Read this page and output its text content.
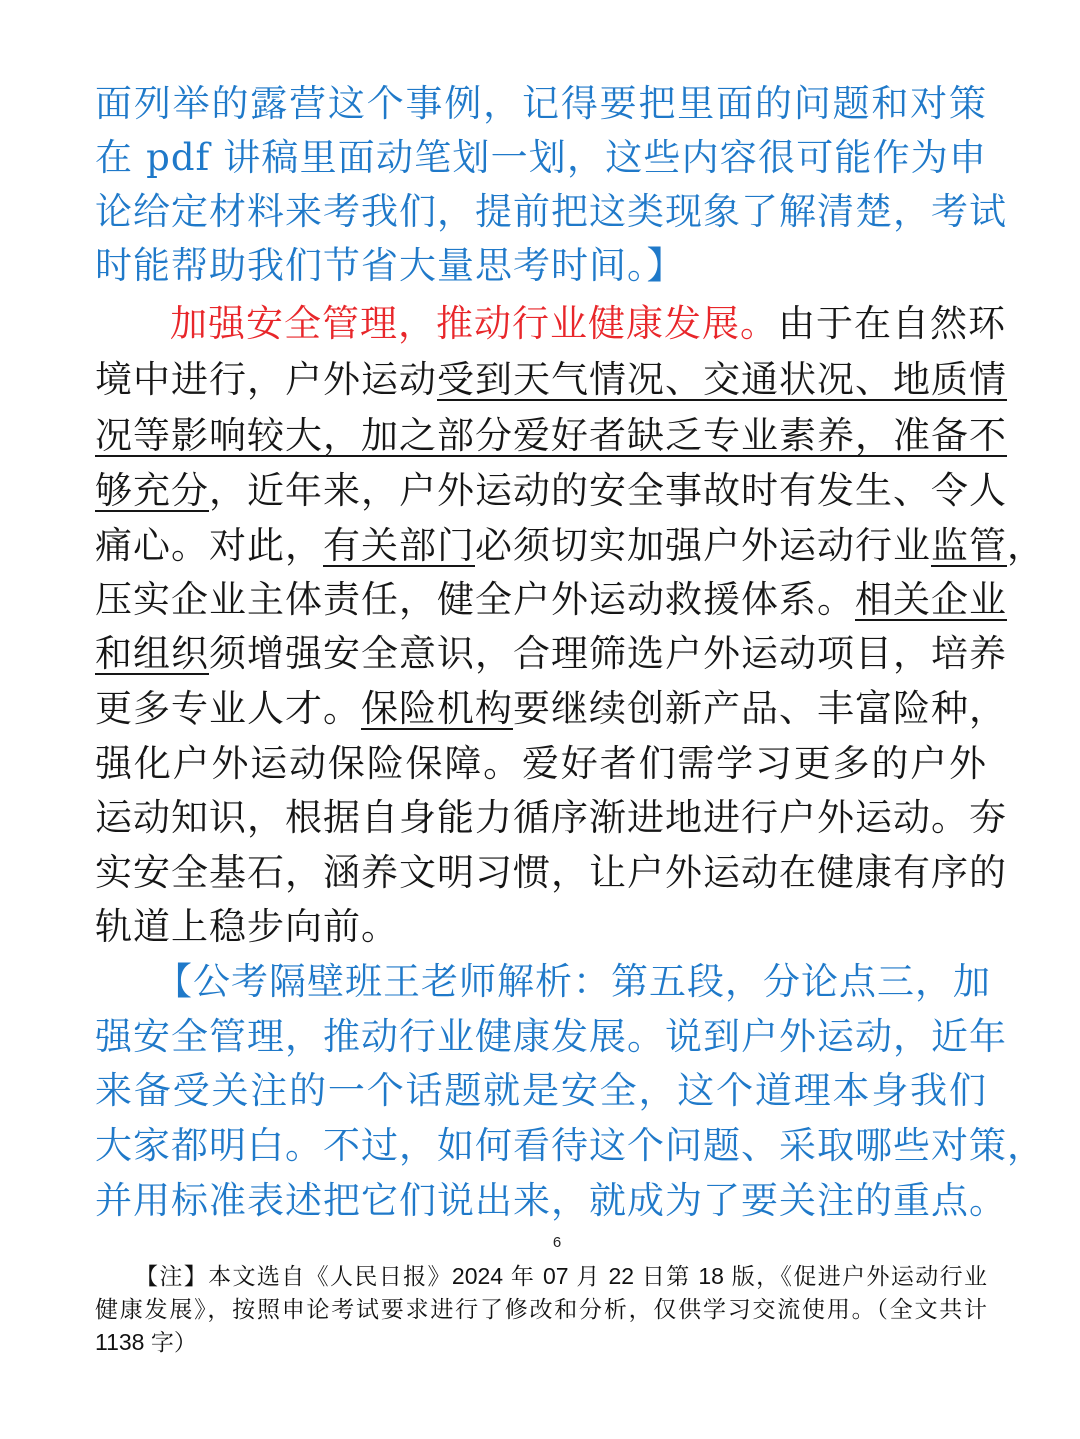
面列举的露营这个事例，记得要把里面的问题和对策
在 pdf 讲稿里面动笔划一划，这些内容很可能作为申
论给定材料来考我们，提前把这类现象了解清楚，考试
时能帮助我们节省大量思考时间。】
加强安全管理，推动行业健康发展。由于在自然环
境中进行，户外运动受到天气情况、交通状况、地质情
况等影响较大，加之部分爱好者缺乏专业素养，准备不
够充分，近年来，户外运动的安全事故时有发生、令人
痛心。对此，有关部门必须切实加强户外运动行业监管，
压实企业主体责任，健全户外运动救援体系。相关企业
和组织须增强安全意识，合理筛选户外运动项目，培养
更多专业人才。保险机构要继续创新产品、丰富险种，
强化户外运动保险保障。爱好者们需学习更多的户外
运动知识，根据自身能力循序渐进地进行户外运动。夯
实安全基石，涵养文明习惯，让户外运动在健康有序的
轨道上稳步向前。
【公考隔壁班王老师解析：第五段，分论点三，加
强安全管理，推动行业健康发展。说到户外运动，近年
来备受关注的一个话题就是安全，这个道理本身我们
大家都明白。不过，如何看待这个问题、采取哪些对策，
并用标准表述把它们说出来，就成为了要关注的重点。
6
【注】本文选自《人民日报》2024 年 07 月 22 日第 18 版，《促进户外运动行业
健康发展》，按照申论考试要求进行了修改和分析，仅供学习交流使用。（全文共计
1138 字）
